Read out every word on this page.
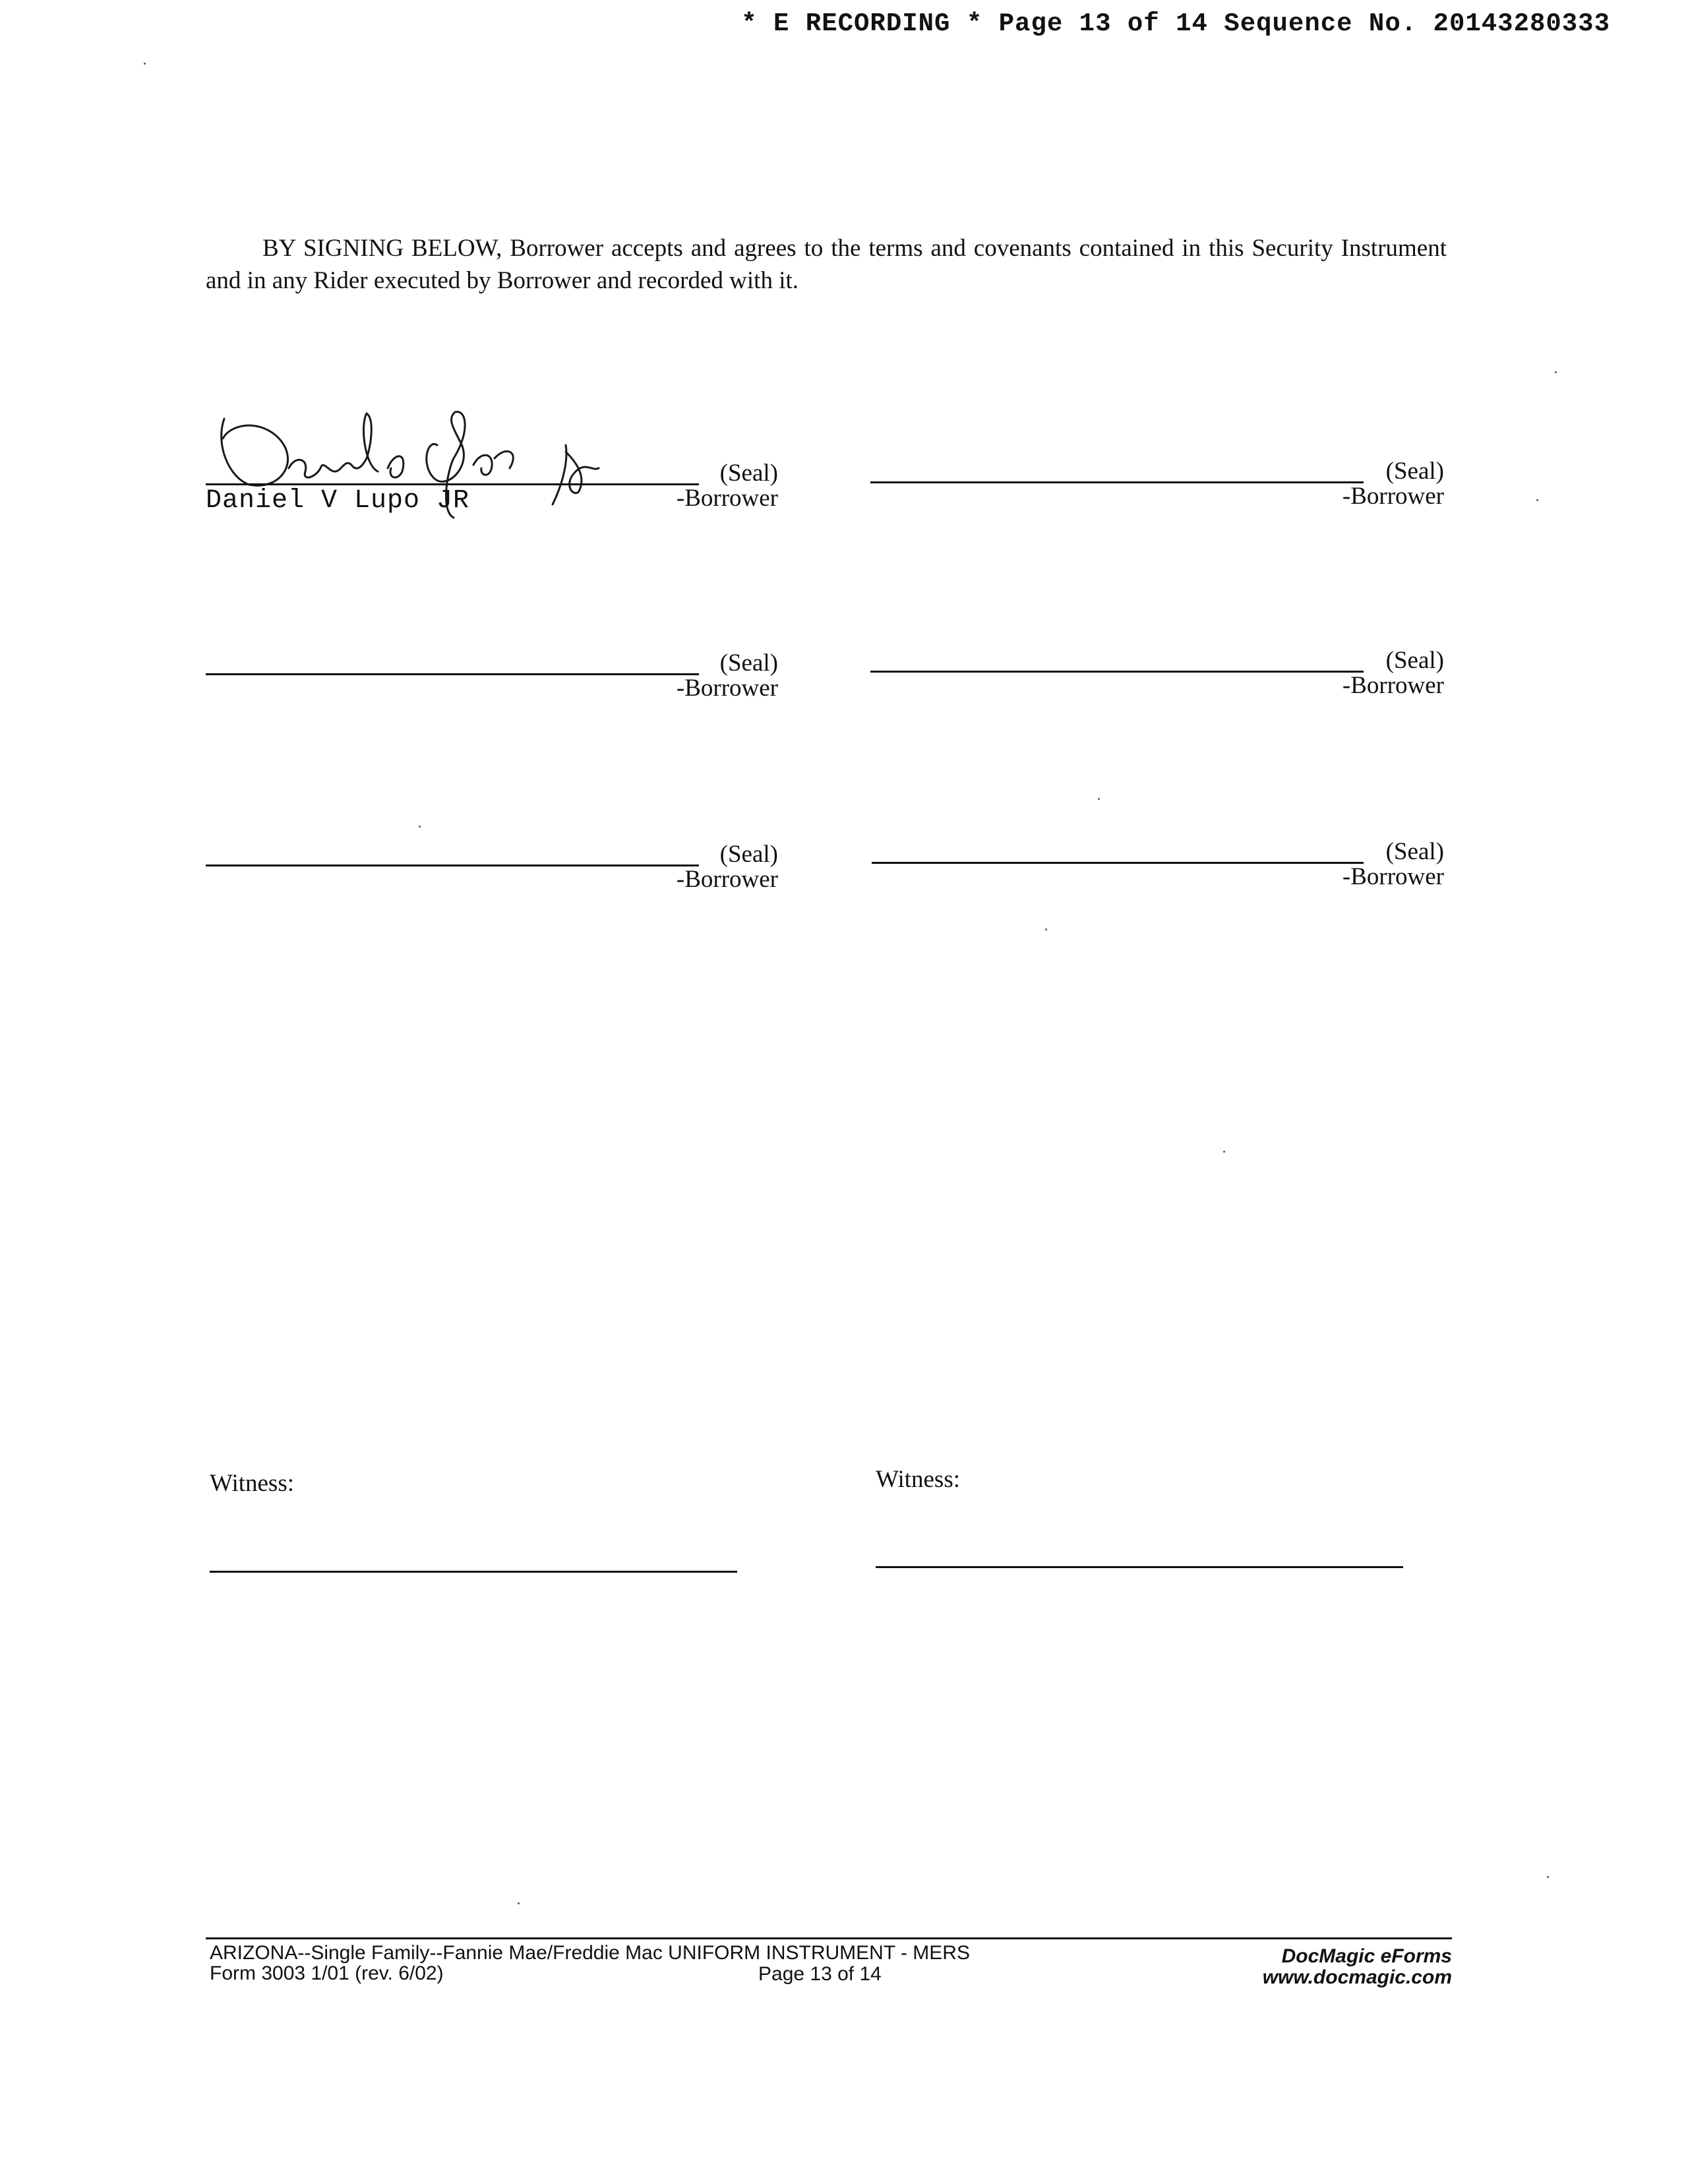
* E RECORDING * Page 13 of 14 Sequence No. 20143280333
BY SIGNING BELOW, Borrower accepts and agrees to the terms and covenants contained in this Security Instrument and in any Rider executed by Borrower and recorded with it.
(Seal)
-Borrower
Daniel V Lupo JR
(Seal)
-Borrower
(Seal)
-Borrower
(Seal)
-Borrower
(Seal)
-Borrower
(Seal)
-Borrower
Witness:	Witness:
ARIZONA--Single Family--Fannie Mae/Freddie Mac UNIFORM INSTRUMENT - MERS
Form 3003 1/01 (rev. 6/02)	Page 13 of 14
DocMagic eForms
www.docmagic.com
